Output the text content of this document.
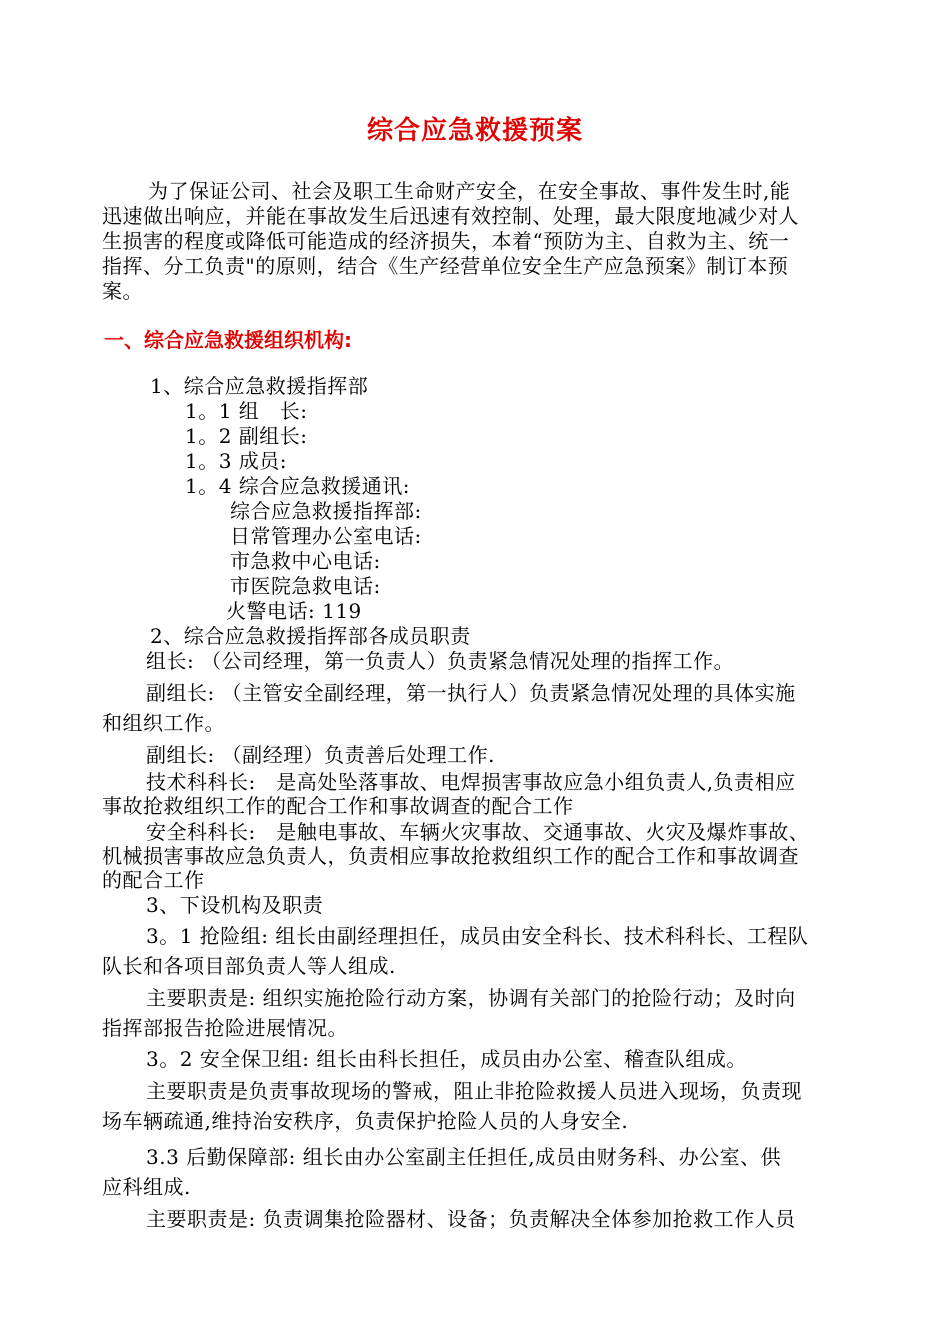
综合应急救援预案
为了保证公司、社会及职工生命财产安全，在安全事故、事件发生时,能
迅速做出响应，并能在事故发生后迅速有效控制、处理，最大限度地减少对人
生损害的程度或降低可能造成的经济损失，本着“预防为主、自救为主、统一
指挥、分工负责"的原则，结合《生产经营单位安全生产应急预案》制订本预
案。
一、综合应急救援组织机构:
1、综合应急救援指挥部
1。1 组　长:
1。2 副组长:
1。3 成员:
1。4 综合应急救援通讯:
综合应急救援指挥部:
日常管理办公室电话:
市急救中心电话:
市医院急救电话:
火警电话: 119
2、综合应急救援指挥部各成员职责
组长: （公司经理，第一负责人）负责紧急情况处理的指挥工作。
副组长: （主管安全副经理，第一执行人）负责紧急情况处理的具体实施
和组织工作。
副组长: （副经理）负责善后处理工作.
技术科科长:　是高处坠落事故、电焊损害事故应急小组负责人,负责相应
事故抢救组织工作的配合工作和事故调查的配合工作
安全科科长:　是触电事故、车辆火灾事故、交通事故、火灾及爆炸事故、
机械损害事故应急负责人，负责相应事故抢救组织工作的配合工作和事故调查
的配合工作
3、下设机构及职责
3。1 抢险组: 组长由副经理担任，成员由安全科长、技术科科长、工程队
队长和各项目部负责人等人组成.
主要职责是: 组织实施抢险行动方案，协调有关部门的抢险行动；及时向
指挥部报告抢险进展情况。
3。2 安全保卫组: 组长由科长担任，成员由办公室、稽查队组成。
主要职责是负责事故现场的警戒，阻止非抢险救援人员进入现场，负责现
场车辆疏通,维持治安秩序，负责保护抢险人员的人身安全.
3.3 后勤保障部: 组长由办公室副主任担任,成员由财务科、办公室、供
应科组成.
主要职责是: 负责调集抢险器材、设备；负责解决全体参加抢救工作人员
